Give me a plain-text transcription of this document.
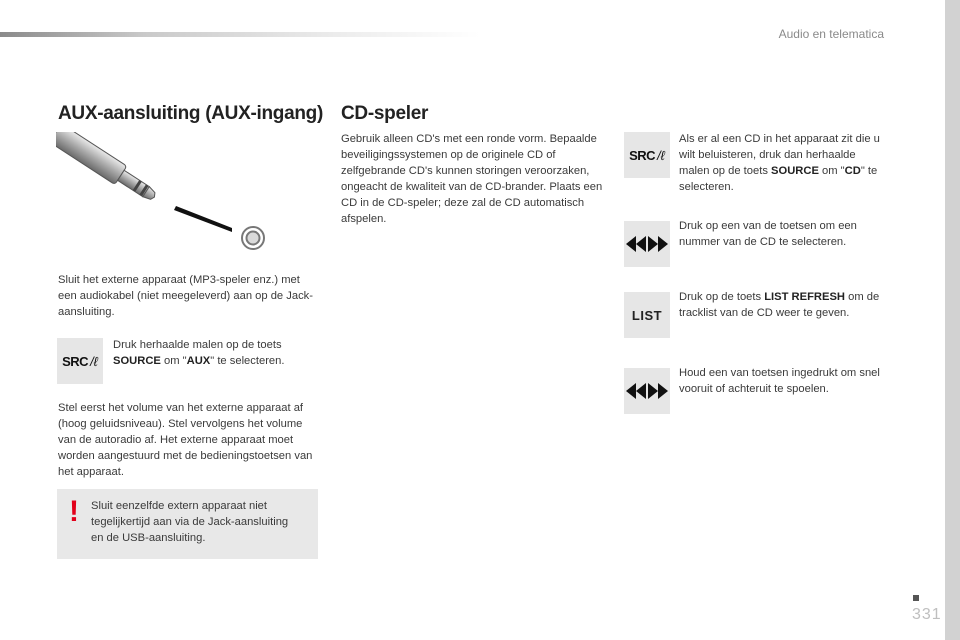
Audio en telematica
AUX-aansluiting (AUX-ingang)

Sluit het externe apparaat (MP3-speler enz.) met een audiokabel (niet meegeleverd) aan op de Jack-aansluiting.

SRC /ℓ

Druk herhaalde malen op de toets SOURCE om "AUX" te selecteren.

Stel eerst het volume van het externe apparaat af (hoog geluidsniveau). Stel vervolgens het volume van de autoradio af. Het externe apparaat moet worden aangestuurd met de bedieningstoetsen van het apparaat.

! Sluit eenzelfde extern apparaat niet tegelijkertijd aan via de Jack-aansluiting en de USB-aansluiting.

CD-speler

Gebruik alleen CD's met een ronde vorm. Bepaalde beveiligingssystemen op de originele CD of zelfgebrande CD's kunnen storingen veroorzaken, ongeacht de kwaliteit van de CD-brander. Plaats een CD in de CD-speler; deze zal de CD automatisch afspelen.

SRC /ℓ

Als er al een CD in het apparaat zit die u wilt beluisteren, druk dan herhaalde malen op de toets SOURCE om "CD" te selecteren.

Druk op een van de toetsen om een nummer van de CD te selecteren.

LIST

Druk op de toets LIST REFRESH om de tracklist van de CD weer te geven.

Houd een van toetsen ingedrukt om snel vooruit of achteruit te spoelen.

331
